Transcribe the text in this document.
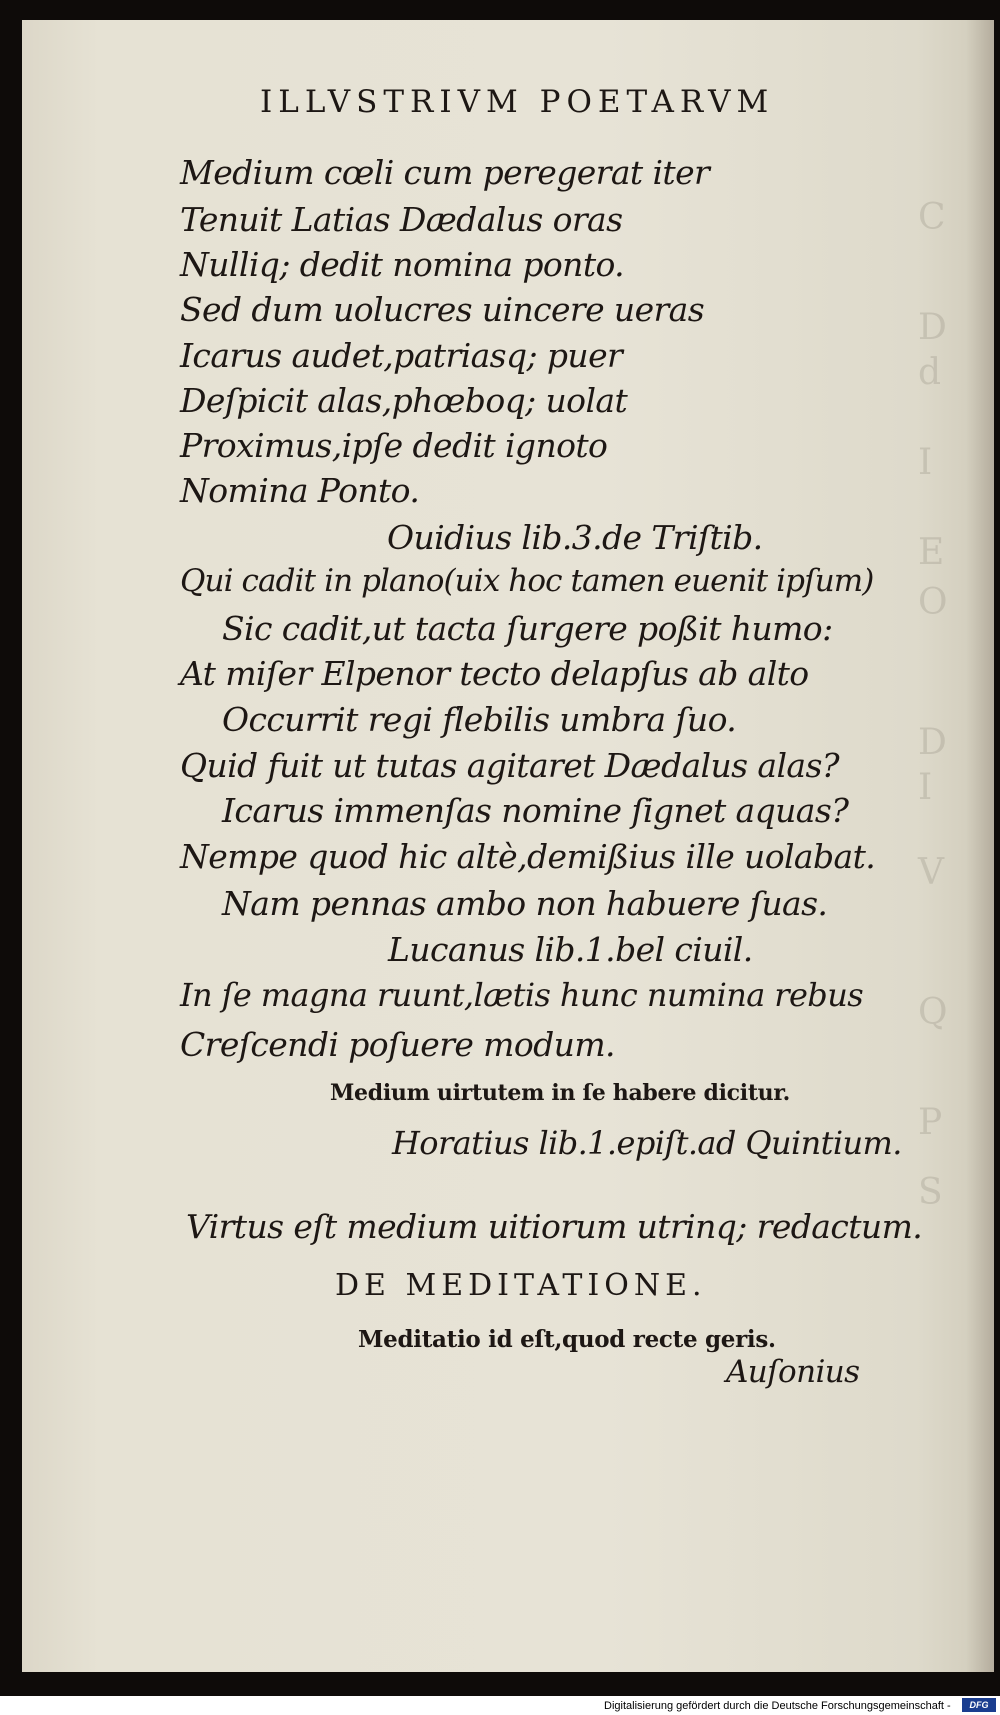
C
D
d
I
E
O
D
I
V
Q
P
S
ILLVSTRIVM POETARVM
Medium cœli cum peregerat iter
Tenuit Latias Dædalus oras
Nulliq; dedit nomina ponto.
Sed dum uolucres uincere ueras
Icarus audet,patriasq; puer
Deſpicit alas,phœboq; uolat
Proximus,ipſe dedit ignoto
Nomina Ponto.
Ouidius lib.3.de Triſtib.
Qui cadit in plano(uix hoc tamen euenit ipſum)
Sic cadit,ut tacta ſurgere poßit humo:
At miſer Elpenor tecto delapſus ab alto
Occurrit regi flebilis umbra ſuo.
Quid fuit ut tutas agitaret Dædalus alas?
Icarus immenſas nomine ſignet aquas?
Nempe quod hic altè,demißius ille uolabat.
Nam pennas ambo non habuere ſuas.
Lucanus lib.1.bel ciuil.
In ſe magna ruunt,lætis hunc numina rebus
Creſcendi poſuere modum.
Medium uirtutem in ſe habere dicitur.
Horatius lib.1.epiſt.ad Quintium.
Virtus eſt medium uitiorum utrinq; redactum.
DE MEDITATIONE.
Meditatio id eſt,quod recte geris.
Auſonius
Digitalisierung gefördert durch die Deutsche Forschungsgemeinschaft -	DFG
